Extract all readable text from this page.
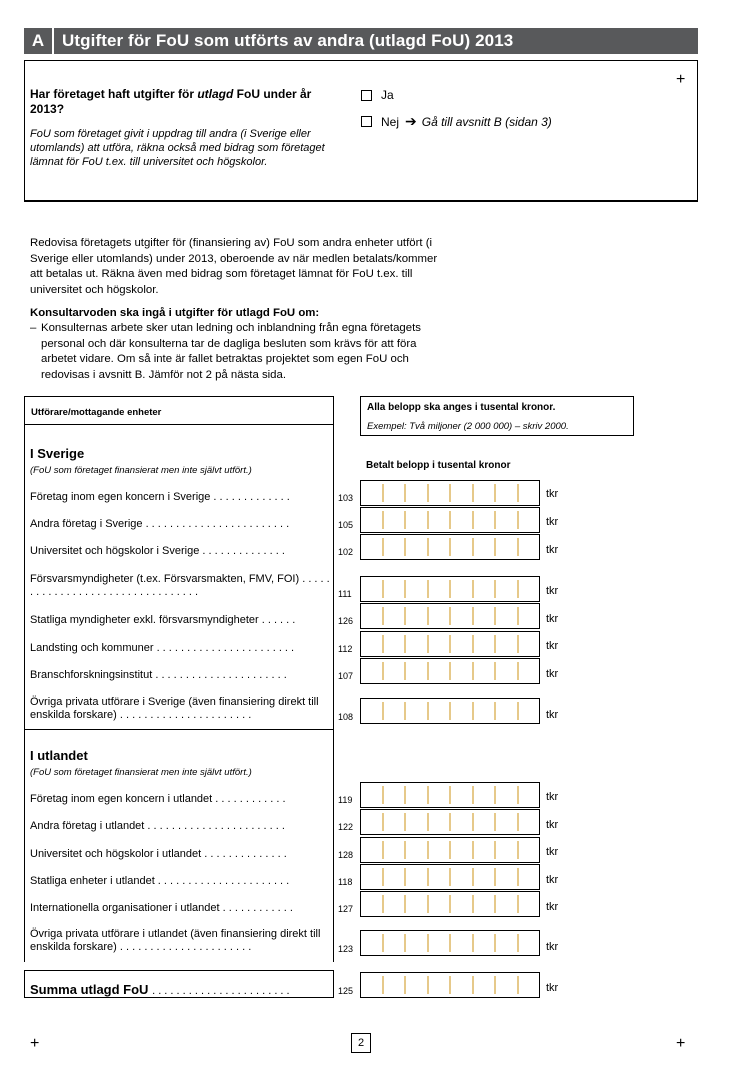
A	Utgifter för FoU som utförts av andra (utlagd FoU) 2013
Har företaget haft utgifter för utlagd FoU under år 2013?
FoU som företaget givit i uppdrag till andra (i Sverige eller utomlands) att utföra, räkna också med bidrag som företaget lämnat för FoU t.ex. till universitet och högskolor.
Ja
Nej ➔ Gå till avsnitt B (sidan 3)
+
+	+
Redovisa företagets utgifter för (finansiering av) FoU som andra enheter utfört (i Sverige eller utomlands) under 2013, oberoende av när medlen betalats/kommer att betalas ut. Räkna även med bidrag som företaget lämnat för FoU t.ex. till universitet och högskolor.
Konsultarvoden ska ingå i utgifter för utlagd FoU om:
– Konsulternas arbete sker utan ledning och inblandning från egna företagets personal och där konsulterna tar de dagliga besluten som krävs för att föra arbetet vidare. Om så inte är fallet betraktas projektet som egen FoU och redovisas i avsnitt B. Jämför not 2 på nästa sida.
Utförare/mottagande enheter	Alla belopp ska anges i tusental kronor.
Exempel: Två miljoner (2 000 000) – skriv 2000.
Betalt belopp i tusental kronor
I Sverige
(FoU som företaget finansierat men inte självt utfört.)
Företag inom egen koncern i Sverige . . . . . . . . . . . . .	103	tkr
Andra företag i Sverige . . . . . . . . . . . . . . . . . . . . . . . .	105	tkr
Universitet och högskolor i Sverige . . . . . . . . . . . . . .	102	tkr
Försvarsmyndigheter (t.ex. Försvarsmakten, FMV, FOI) . . . . . . . . . . . . . . . . . . . . . . . . . . . . . . . . .	111	tkr
Statliga myndigheter exkl. försvarsmyndigheter . . . . . .	126	tkr
Landsting och kommuner . . . . . . . . . . . . . . . . . . . . . . .	112	tkr
Branschforskningsinstitut . . . . . . . . . . . . . . . . . . . . . .	107	tkr
Övriga privata utförare i Sverige (även finansiering direkt till enskilda forskare) . . . . . . . . . . . . . . . . . . . . . .	108	tkr
I utlandet
(FoU som företaget finansierat men inte självt utfört.)
Företag inom egen koncern i utlandet . . . . . . . . . . . .	119	tkr
Andra företag i utlandet . . . . . . . . . . . . . . . . . . . . . . .	122	tkr
Universitet och högskolor i utlandet . . . . . . . . . . . . . .	128	tkr
Statliga enheter i utlandet . . . . . . . . . . . . . . . . . . . . . .	118	tkr
Internationella organisationer i utlandet . . . . . . . . . . . .	127	tkr
Övriga privata utförare i utlandet (även finansiering direkt till enskilda forskare) . . . . . . . . . . . . . . . . . . . . . .	123	tkr
Summa utlagd FoU . . . . . . . . . . . . . . . . . . . . . . .	125	tkr
2
